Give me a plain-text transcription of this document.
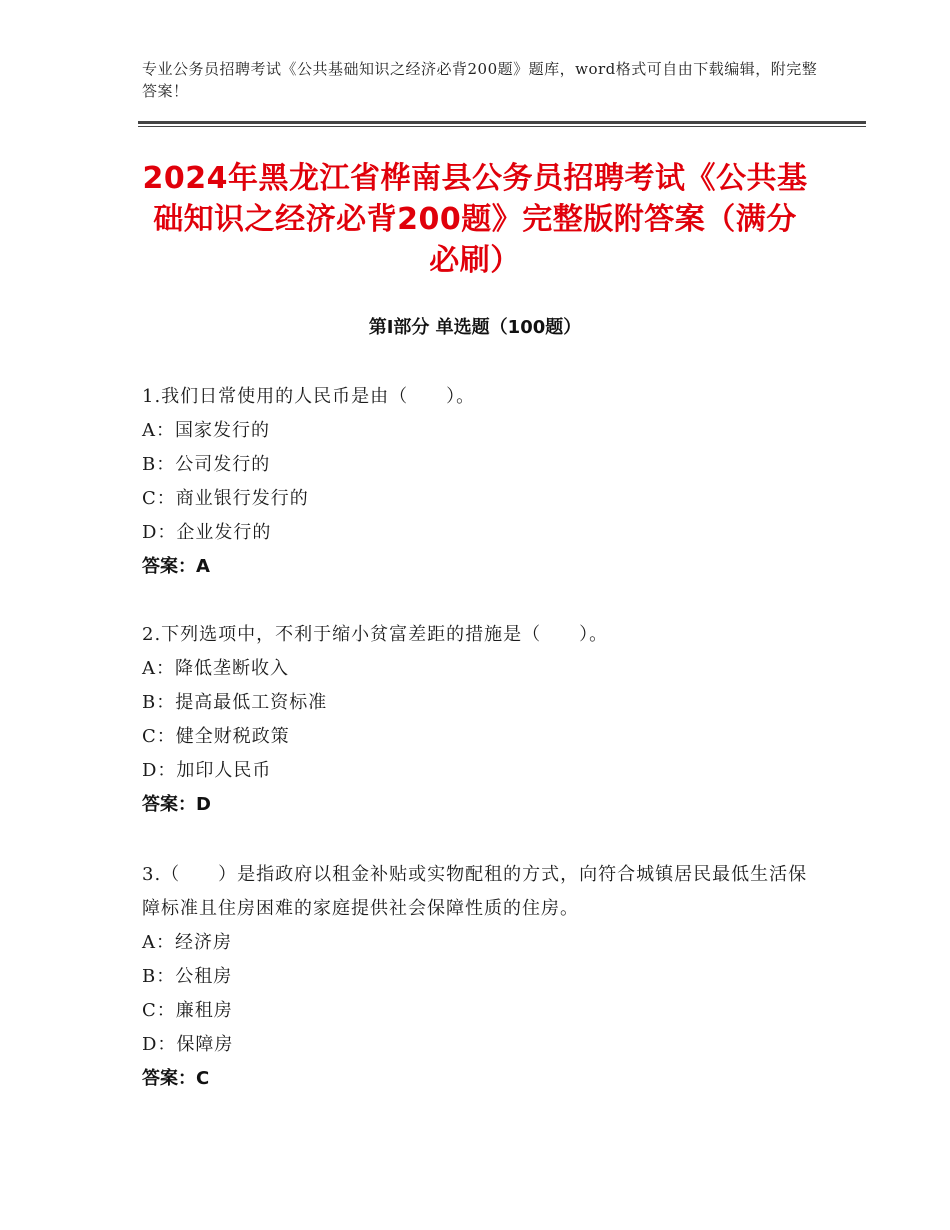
专业公务员招聘考试《公共基础知识之经济必背200题》题库，word格式可自由下载编辑，附完整答案！
2024年黑龙江省桦南县公务员招聘考试《公共基础知识之经济必背200题》完整版附答案（满分必刷）
第Ⅰ部分 单选题（100题）
1.我们日常使用的人民币是由（　　）。
A：国家发行的
B：公司发行的
C：商业银行发行的
D：企业发行的
答案：A
2.下列选项中，不利于缩小贫富差距的措施是（　　）。
A：降低垄断收入
B：提高最低工资标准
C：健全财税政策
D：加印人民币
答案：D
3.（　　）是指政府以租金补贴或实物配租的方式，向符合城镇居民最低生活保障标准且住房困难的家庭提供社会保障性质的住房。
A：经济房
B：公租房
C：廉租房
D：保障房
答案：C
